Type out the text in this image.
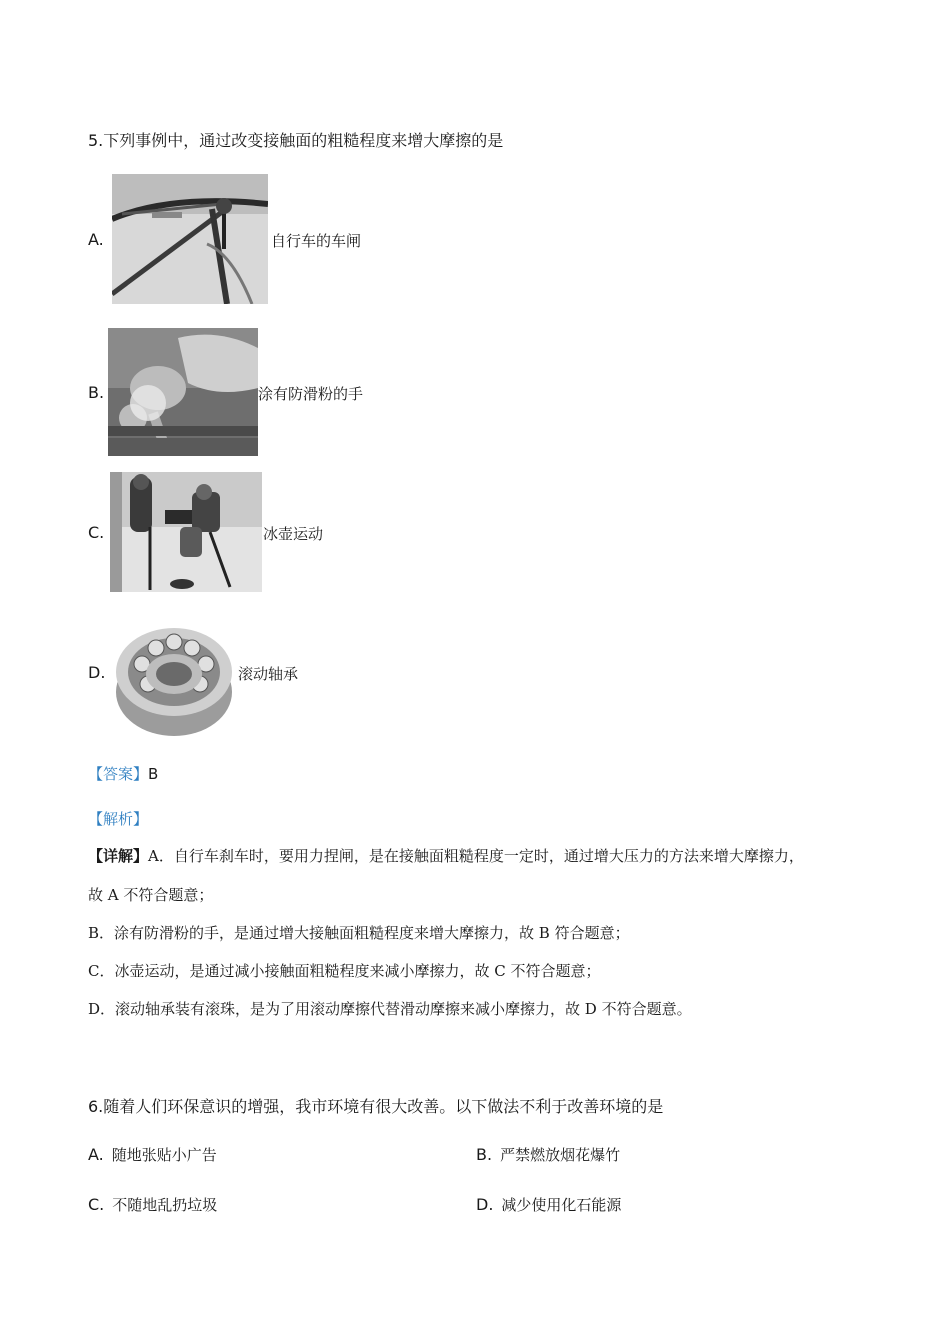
5.下列事例中，通过改变接触面的粗糙程度来增大摩擦的是
A.	自行车的车闸
B.	涂有防滑粉的手
C.	冰壶运动
D.	滚动轴承
【答案】B
【解析】
【详解】A．自行车刹车时，要用力捏闸，是在接触面粗糙程度一定时，通过增大压力的方法来增大摩擦力，
故 A 不符合题意；
B．涂有防滑粉的手，是通过增大接触面粗糙程度来增大摩擦力，故 B 符合题意；
C．冰壶运动，是通过减小接触面粗糙程度来减小摩擦力，故 C 不符合题意；
D．滚动轴承装有滚珠，是为了用滚动摩擦代替滑动摩擦来减小摩擦力，故 D 不符合题意。
6.随着人们环保意识的增强，我市环境有很大改善。以下做法不利于改善环境的是
A. 随地张贴小广告	B. 严禁燃放烟花爆竹
C. 不随地乱扔垃圾	D. 减少使用化石能源
